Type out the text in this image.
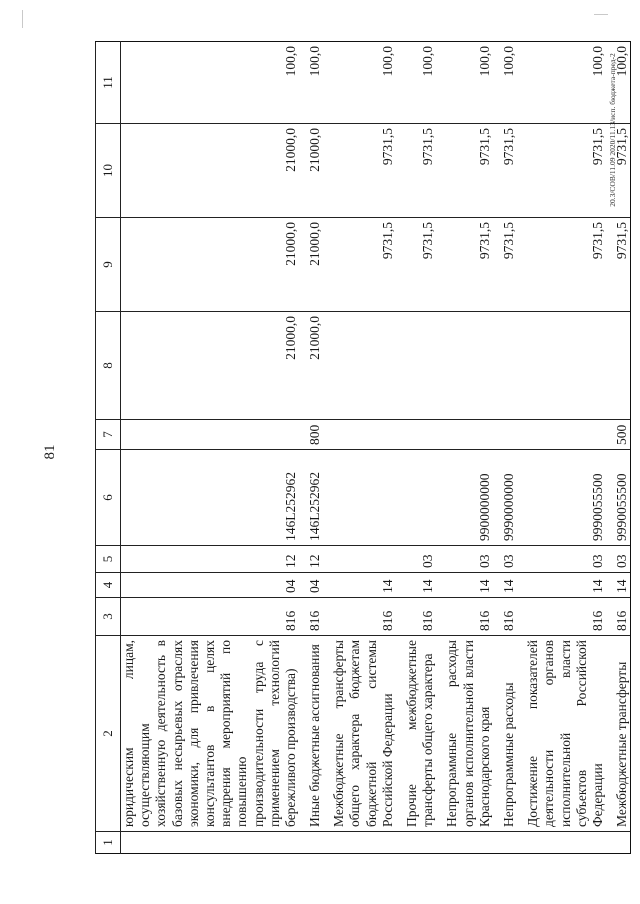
81
20.3/СОВ/11.09 2020/11.13/исп. бюджета-пред-2
1	2	3	4	5	6	7	8	9	10	11
	юридическим лицам, осуществляющим хозяйственную деятельность в базовых несырьевых отраслях экономики, для привлечения консультантов в целях внедрения мероприятий по повышению производительности труда с применением технологий бережливого производства)	816	04	12	146L252962		21000,0	21000,0	21000,0	100,0

	Иные бюджетные ассигнования	816	04	12	146L252962	800	21000,0	21000,0	21000,0	100,0

	Межбюджетные трансферты общего характера бюджетам бюджетной системы Российской Федерации	816	14					9731,5	9731,5	100,0

	Прочие межбюджетные трансферты общего характера	816	14	03				9731,5	9731,5	100,0

	Непрограммные расходы органов исполнительной власти Краснодарского края	816	14	03	9900000000			9731,5	9731,5	100,0

	Непрограммные расходы	816	14	03	9990000000			9731,5	9731,5	100,0

	Достижение показателей деятельности органов исполнительной власти субъектов Российской Федерации	816	14	03	9990055500			9731,5	9731,5	100,0

	Межбюджетные трансферты	816	14	03	9990055500	500		9731,5	9731,5	100,0
